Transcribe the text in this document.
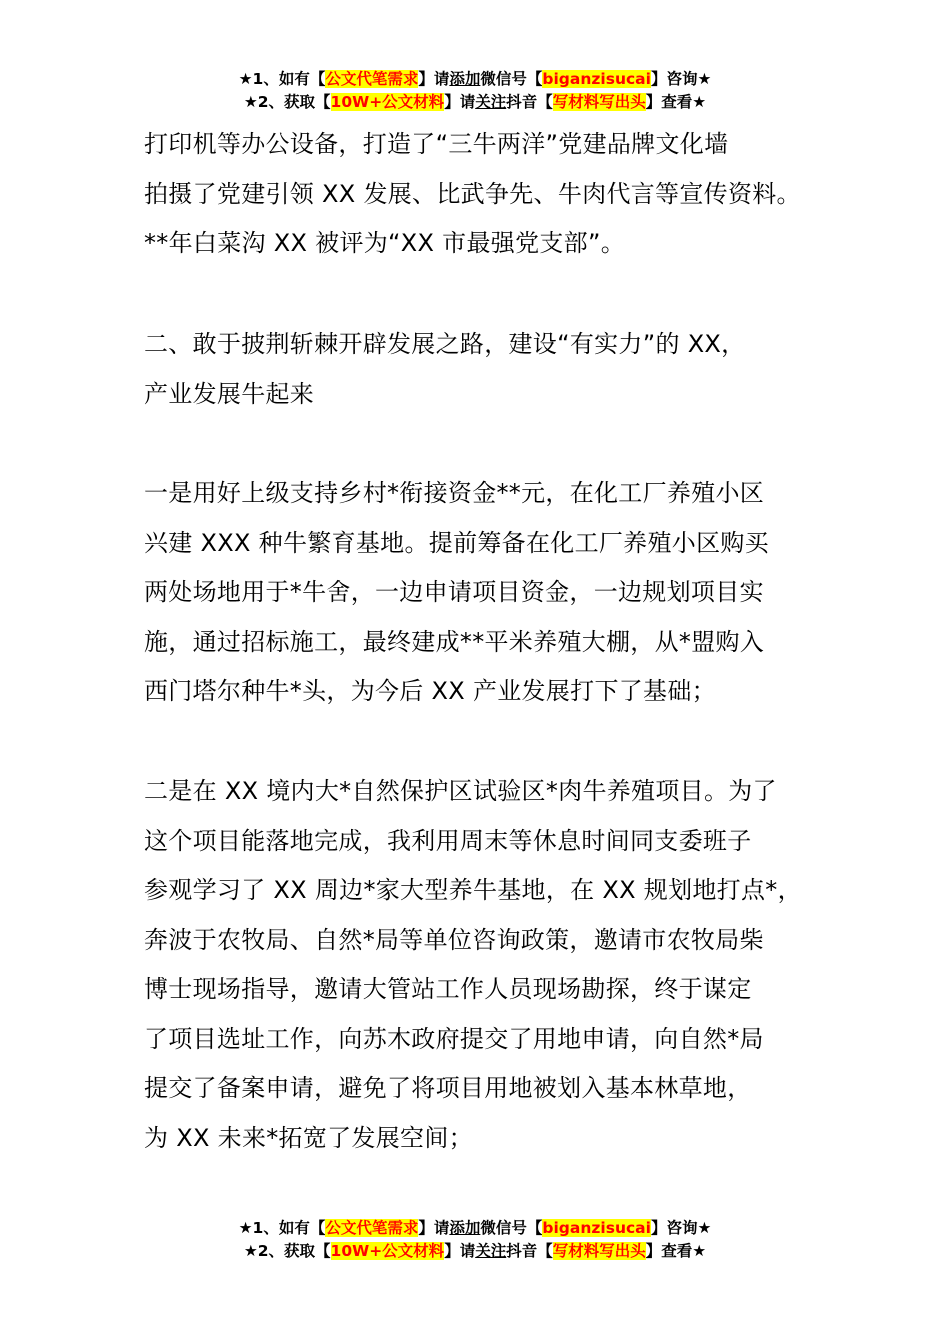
★1、如有【公文代笔需求】请添加微信号【biganzisucai】咨询★
★2、获取【10W+公文材料】请关注抖音【写材料写出头】查看★
打印机等办公设备，打造了“三牛两洋”党建品牌文化墙
拍摄了党建引领 XX 发展、比武争先、牛肉代言等宣传资料。
**年白菜沟 XX 被评为“XX 市最强党支部”。
二、敢于披荆斩棘开辟发展之路，建设“有实力”的 XX，
产业发展牛起来
一是用好上级支持乡村*衔接资金**元，在化工厂养殖小区
兴建 XXX 种牛繁育基地。提前筹备在化工厂养殖小区购买
两处场地用于*牛舍，一边申请项目资金，一边规划项目实
施，通过招标施工，最终建成**平米养殖大棚，从*盟购入
西门塔尔种牛*头，为今后 XX 产业发展打下了基础；
二是在 XX 境内大*自然保护区试验区*肉牛养殖项目。为了
这个项目能落地完成，我利用周末等休息时间同支委班子
参观学习了 XX 周边*家大型养牛基地，在 XX 规划地打点*，
奔波于农牧局、自然*局等单位咨询政策，邀请市农牧局柴
博士现场指导，邀请大管站工作人员现场勘探，终于谋定
了项目选址工作，向苏木政府提交了用地申请，向自然*局
提交了备案申请，避免了将项目用地被划入基本林草地，
为 XX 未来*拓宽了发展空间；
★1、如有【公文代笔需求】请添加微信号【biganzisucai】咨询★
★2、获取【10W+公文材料】请关注抖音【写材料写出头】查看★
